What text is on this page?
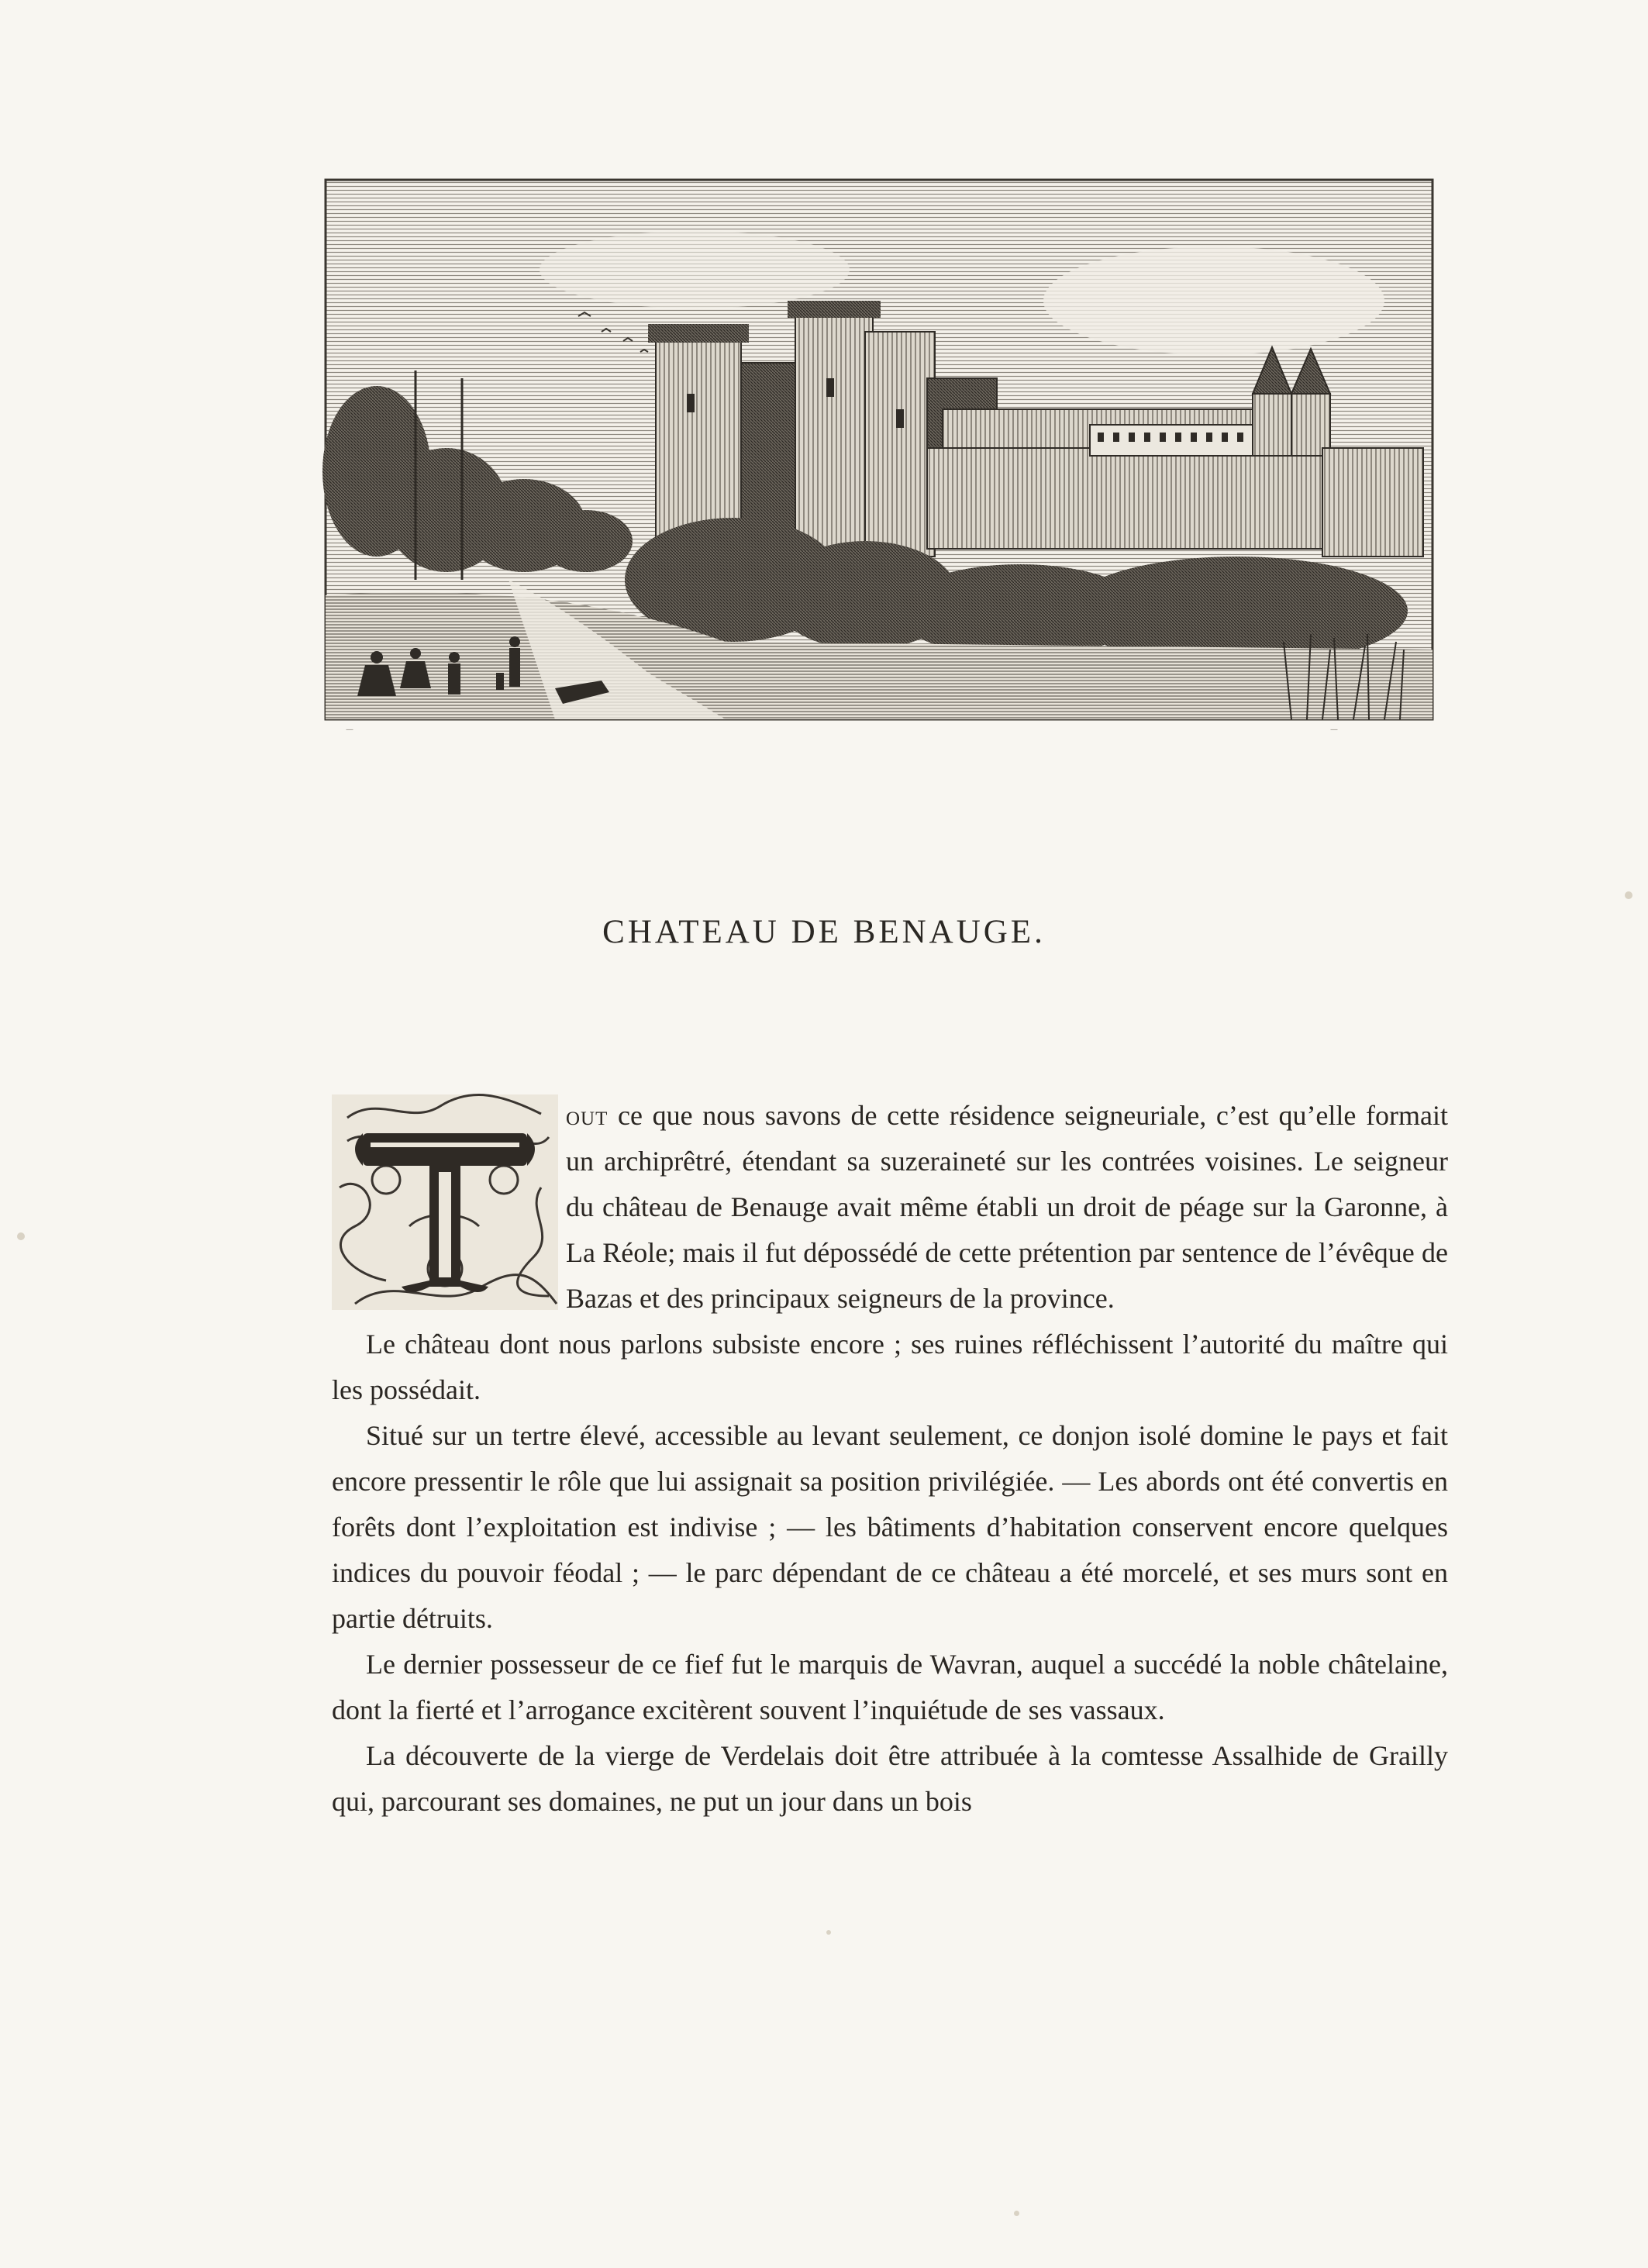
—	—
CHATEAU DE BENAUGE.
T

out ce que nous savons de cette résidence seigneuriale, c’est qu’elle formait un archiprêtré, étendant sa suzeraineté sur les contrées voisines. Le seigneur du château de Benauge avait même établi un droit de péage sur la Garonne, à La Réole; mais il fut dépossédé de cette prétention par sentence de l’évêque de Bazas et des principaux seigneurs de la province.

Le château dont nous parlons subsiste encore ; ses ruines réfléchissent l’autorité du maître qui les possédait.

Situé sur un tertre élevé, accessible au levant seulement, ce donjon isolé domine le pays et fait encore pressentir le rôle que lui assignait sa position privilégiée. — Les abords ont été convertis en forêts dont l’exploitation est indivise ; — les bâtiments d’habitation conservent encore quelques indices du pouvoir féodal ; — le parc dépendant de ce château a été morcelé, et ses murs sont en partie détruits.

Le dernier possesseur de ce fief fut le marquis de Wavran, auquel a succédé la noble châtelaine, dont la fierté et l’arrogance excitèrent souvent l’inquiétude de ses vassaux.

La découverte de la vierge de Verdelais doit être attribuée à la comtesse Assalhide de Grailly qui, parcourant ses domaines, ne put un jour dans un bois
